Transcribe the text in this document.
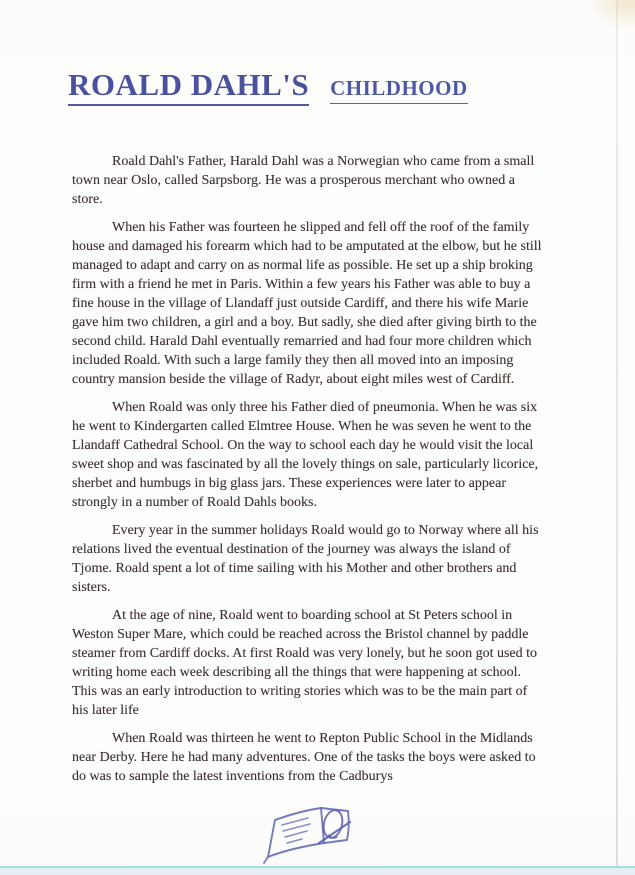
ROALD DAHL'S CHILDHOOD

Roald Dahl's Father, Harald Dahl was a Norwegian who came from a small town near Oslo, called Sarpsborg. He was a prosperous merchant who owned a store.

When his Father was fourteen he slipped and fell off the roof of the family house and damaged his forearm which had to be amputated at the elbow, but he still managed to adapt and carry on as normal life as possible. He set up a ship broking firm with a friend he met in Paris. Within a few years his Father was able to buy a fine house in the village of Llandaff just outside Cardiff, and there his wife Marie gave him two children, a girl and a boy. But sadly, she died after giving birth to the second child. Harald Dahl eventually remarried and had four more children which included Roald. With such a large family they then all moved into an imposing country mansion beside the village of Radyr, about eight miles west of Cardiff.

When Roald was only three his Father died of pneumonia. When he was six he went to Kindergarten called Elmtree House. When he was seven he went to the Llandaff Cathedral School. On the way to school each day he would visit the local sweet shop and was fascinated by all the lovely things on sale, particularly licorice, sherbet and humbugs in big glass jars. These experiences were later to appear strongly in a number of Roald Dahls books.

Every year in the summer holidays Roald would go to Norway where all his relations lived the eventual destination of the journey was always the island of Tjome. Roald spent a lot of time sailing with his Mother and other brothers and sisters.

At the age of nine, Roald went to boarding school at St Peters school in Weston Super Mare, which could be reached across the Bristol channel by paddle steamer from Cardiff docks. At first Roald was very lonely, but he soon got used to writing home each week describing all the things that were happening at school. This was an early introduction to writing stories which was to be the main part of his later life

When Roald was thirteen he went to Repton Public School in the Midlands near Derby. Here he had many adventures. One of the tasks the boys were asked to do was to sample the latest inventions from the Cadburys
